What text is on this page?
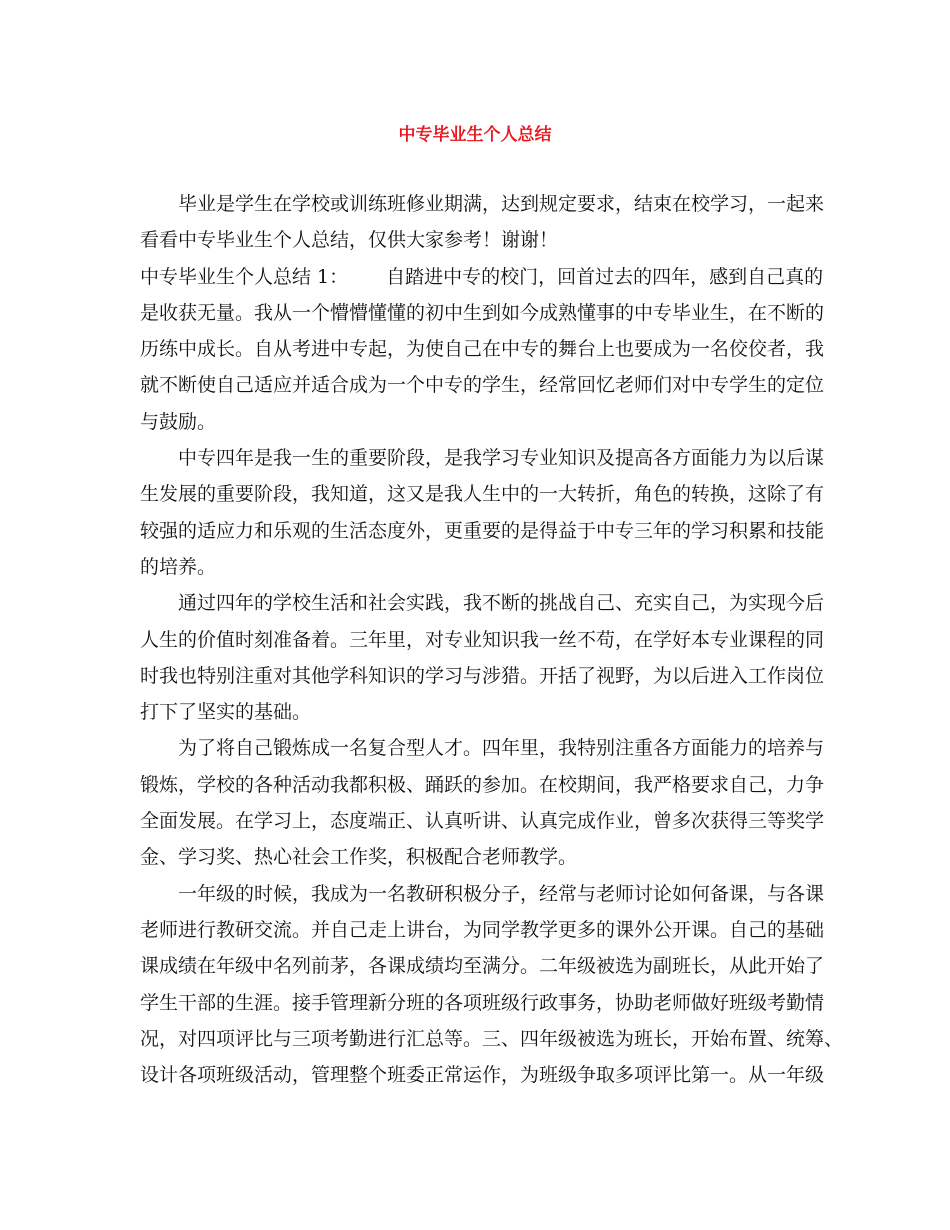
中专毕业生个人总结
毕业是学生在学校或训练班修业期满，达到规定要求，结束在校学习，一起来
看看中专毕业生个人总结，仅供大家参考！谢谢！
中专毕业生个人总结 1： 自踏进中专的校门，回首过去的四年，感到自己真的
是收获无量。我从一个懵懵懂懂的初中生到如今成熟懂事的中专毕业生，在不断的
历练中成长。自从考进中专起，为使自己在中专的舞台上也要成为一名佼佼者，我
就不断使自己适应并适合成为一个中专的学生，经常回忆老师们对中专学生的定位
与鼓励。
中专四年是我一生的重要阶段，是我学习专业知识及提高各方面能力为以后谋
生发展的重要阶段，我知道，这又是我人生中的一大转折，角色的转换，这除了有
较强的适应力和乐观的生活态度外，更重要的是得益于中专三年的学习积累和技能
的培养。
通过四年的学校生活和社会实践，我不断的挑战自己、充实自己，为实现今后
人生的价值时刻准备着。三年里，对专业知识我一丝不苟，在学好本专业课程的同
时我也特别注重对其他学科知识的学习与涉猎。开括了视野，为以后进入工作岗位
打下了坚实的基础。
为了将自己锻炼成一名复合型人才。四年里，我特别注重各方面能力的培养与
锻炼，学校的各种活动我都积极、踊跃的参加。在校期间，我严格要求自己，力争
全面发展。在学习上，态度端正、认真听讲、认真完成作业，曾多次获得三等奖学
金、学习奖、热心社会工作奖，积极配合老师教学。
一年级的时候，我成为一名教研积极分子，经常与老师讨论如何备课，与各课
老师进行教研交流。并自己走上讲台，为同学教学更多的课外公开课。自己的基础
课成绩在年级中名列前茅，各课成绩均至满分。二年级被选为副班长，从此开始了
学生干部的生涯。接手管理新分班的各项班级行政事务，协助老师做好班级考勤情
况，对四项评比与三项考勤进行汇总等。三、四年级被选为班长，开始布置、统筹、
设计各项班级活动，管理整个班委正常运作，为班级争取多项评比第一。从一年级
